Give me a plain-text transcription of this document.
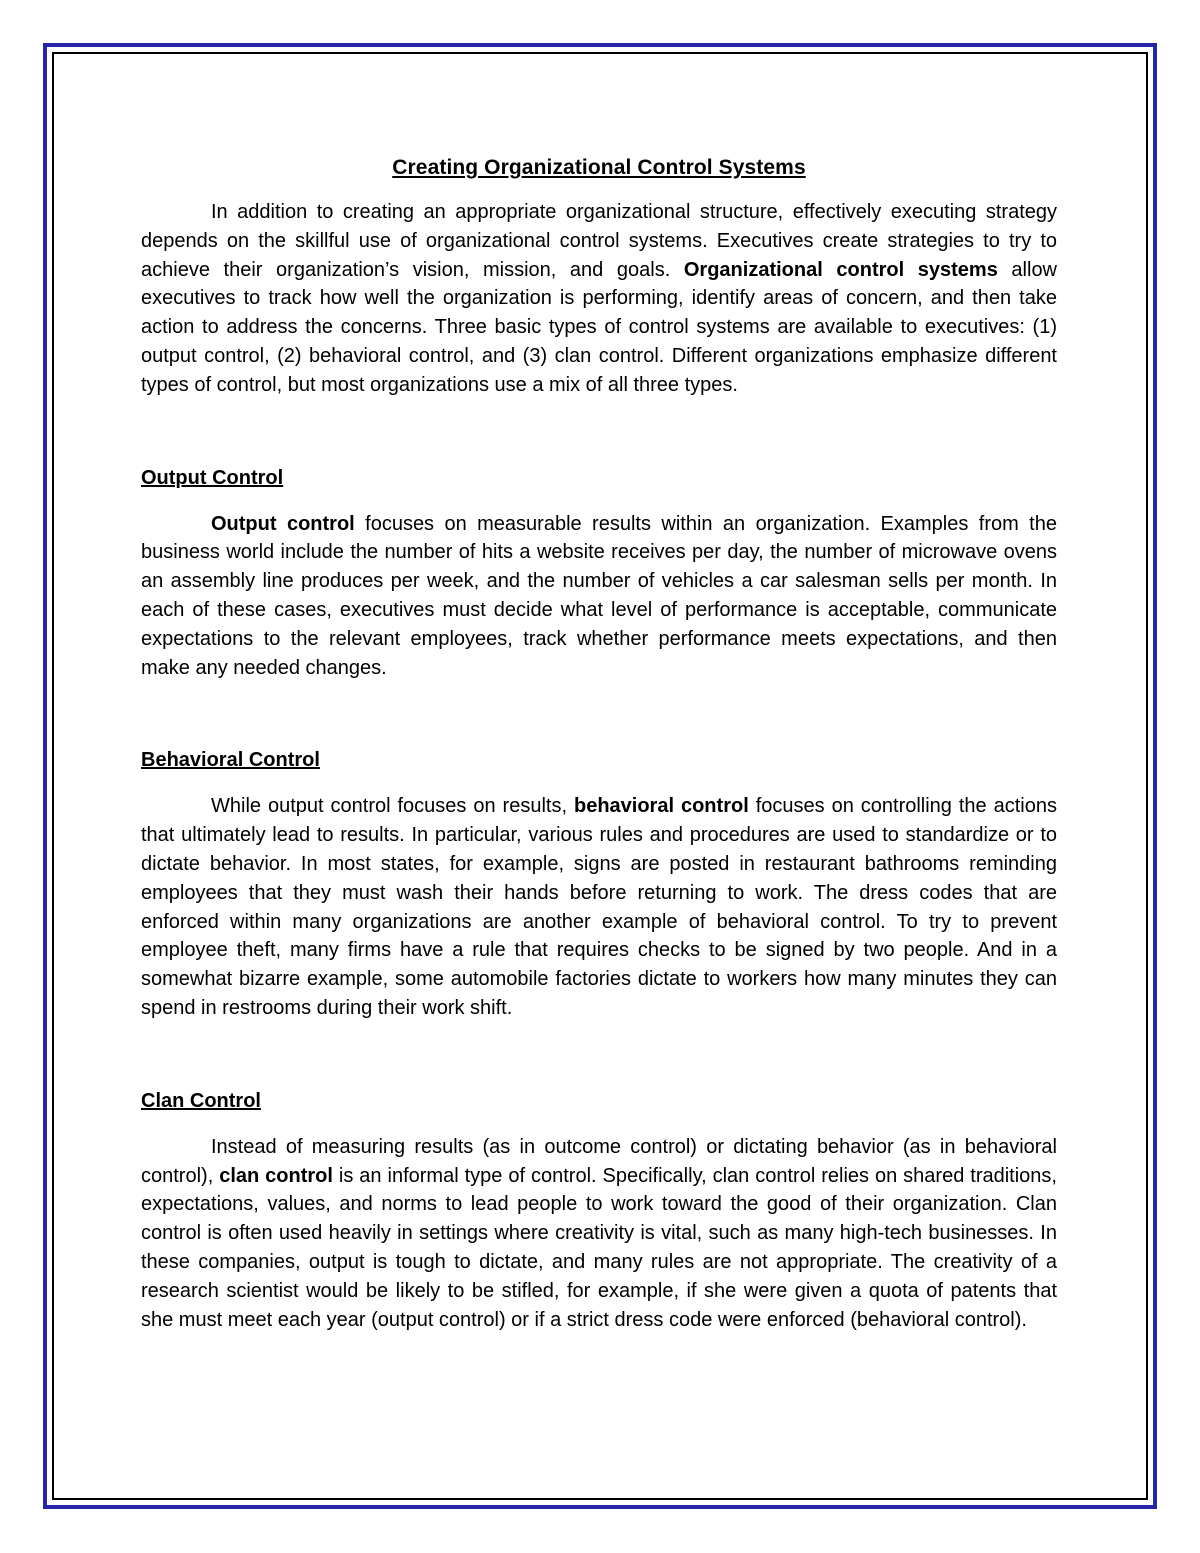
Creating Organizational Control Systems

In addition to creating an appropriate organizational structure, effectively executing strategy depends on the skillful use of organizational control systems. Executives create strategies to try to achieve their organization’s vision, mission, and goals. Organizational control systems allow executives to track how well the organization is performing, identify areas of concern, and then take action to address the concerns. Three basic types of control systems are available to executives: (1) output control, (2) behavioral control, and (3) clan control. Different organizations emphasize different types of control, but most organizations use a mix of all three types.

Output Control

Output control focuses on measurable results within an organization. Examples from the business world include the number of hits a website receives per day, the number of microwave ovens an assembly line produces per week, and the number of vehicles a car salesman sells per month. In each of these cases, executives must decide what level of performance is acceptable, communicate expectations to the relevant employees, track whether performance meets expectations, and then make any needed changes.

Behavioral Control

While output control focuses on results, behavioral control focuses on controlling the actions that ultimately lead to results. In particular, various rules and procedures are used to standardize or to dictate behavior. In most states, for example, signs are posted in restaurant bathrooms reminding employees that they must wash their hands before returning to work. The dress codes that are enforced within many organizations are another example of behavioral control. To try to prevent employee theft, many firms have a rule that requires checks to be signed by two people. And in a somewhat bizarre example, some automobile factories dictate to workers how many minutes they can spend in restrooms during their work shift.

Clan Control

Instead of measuring results (as in outcome control) or dictating behavior (as in behavioral control), clan control is an informal type of control. Specifically, clan control relies on shared traditions, expectations, values, and norms to lead people to work toward the good of their organization. Clan control is often used heavily in settings where creativity is vital, such as many high-tech businesses. In these companies, output is tough to dictate, and many rules are not appropriate. The creativity of a research scientist would be likely to be stifled, for example, if she were given a quota of patents that she must meet each year (output control) or if a strict dress code were enforced (behavioral control).
